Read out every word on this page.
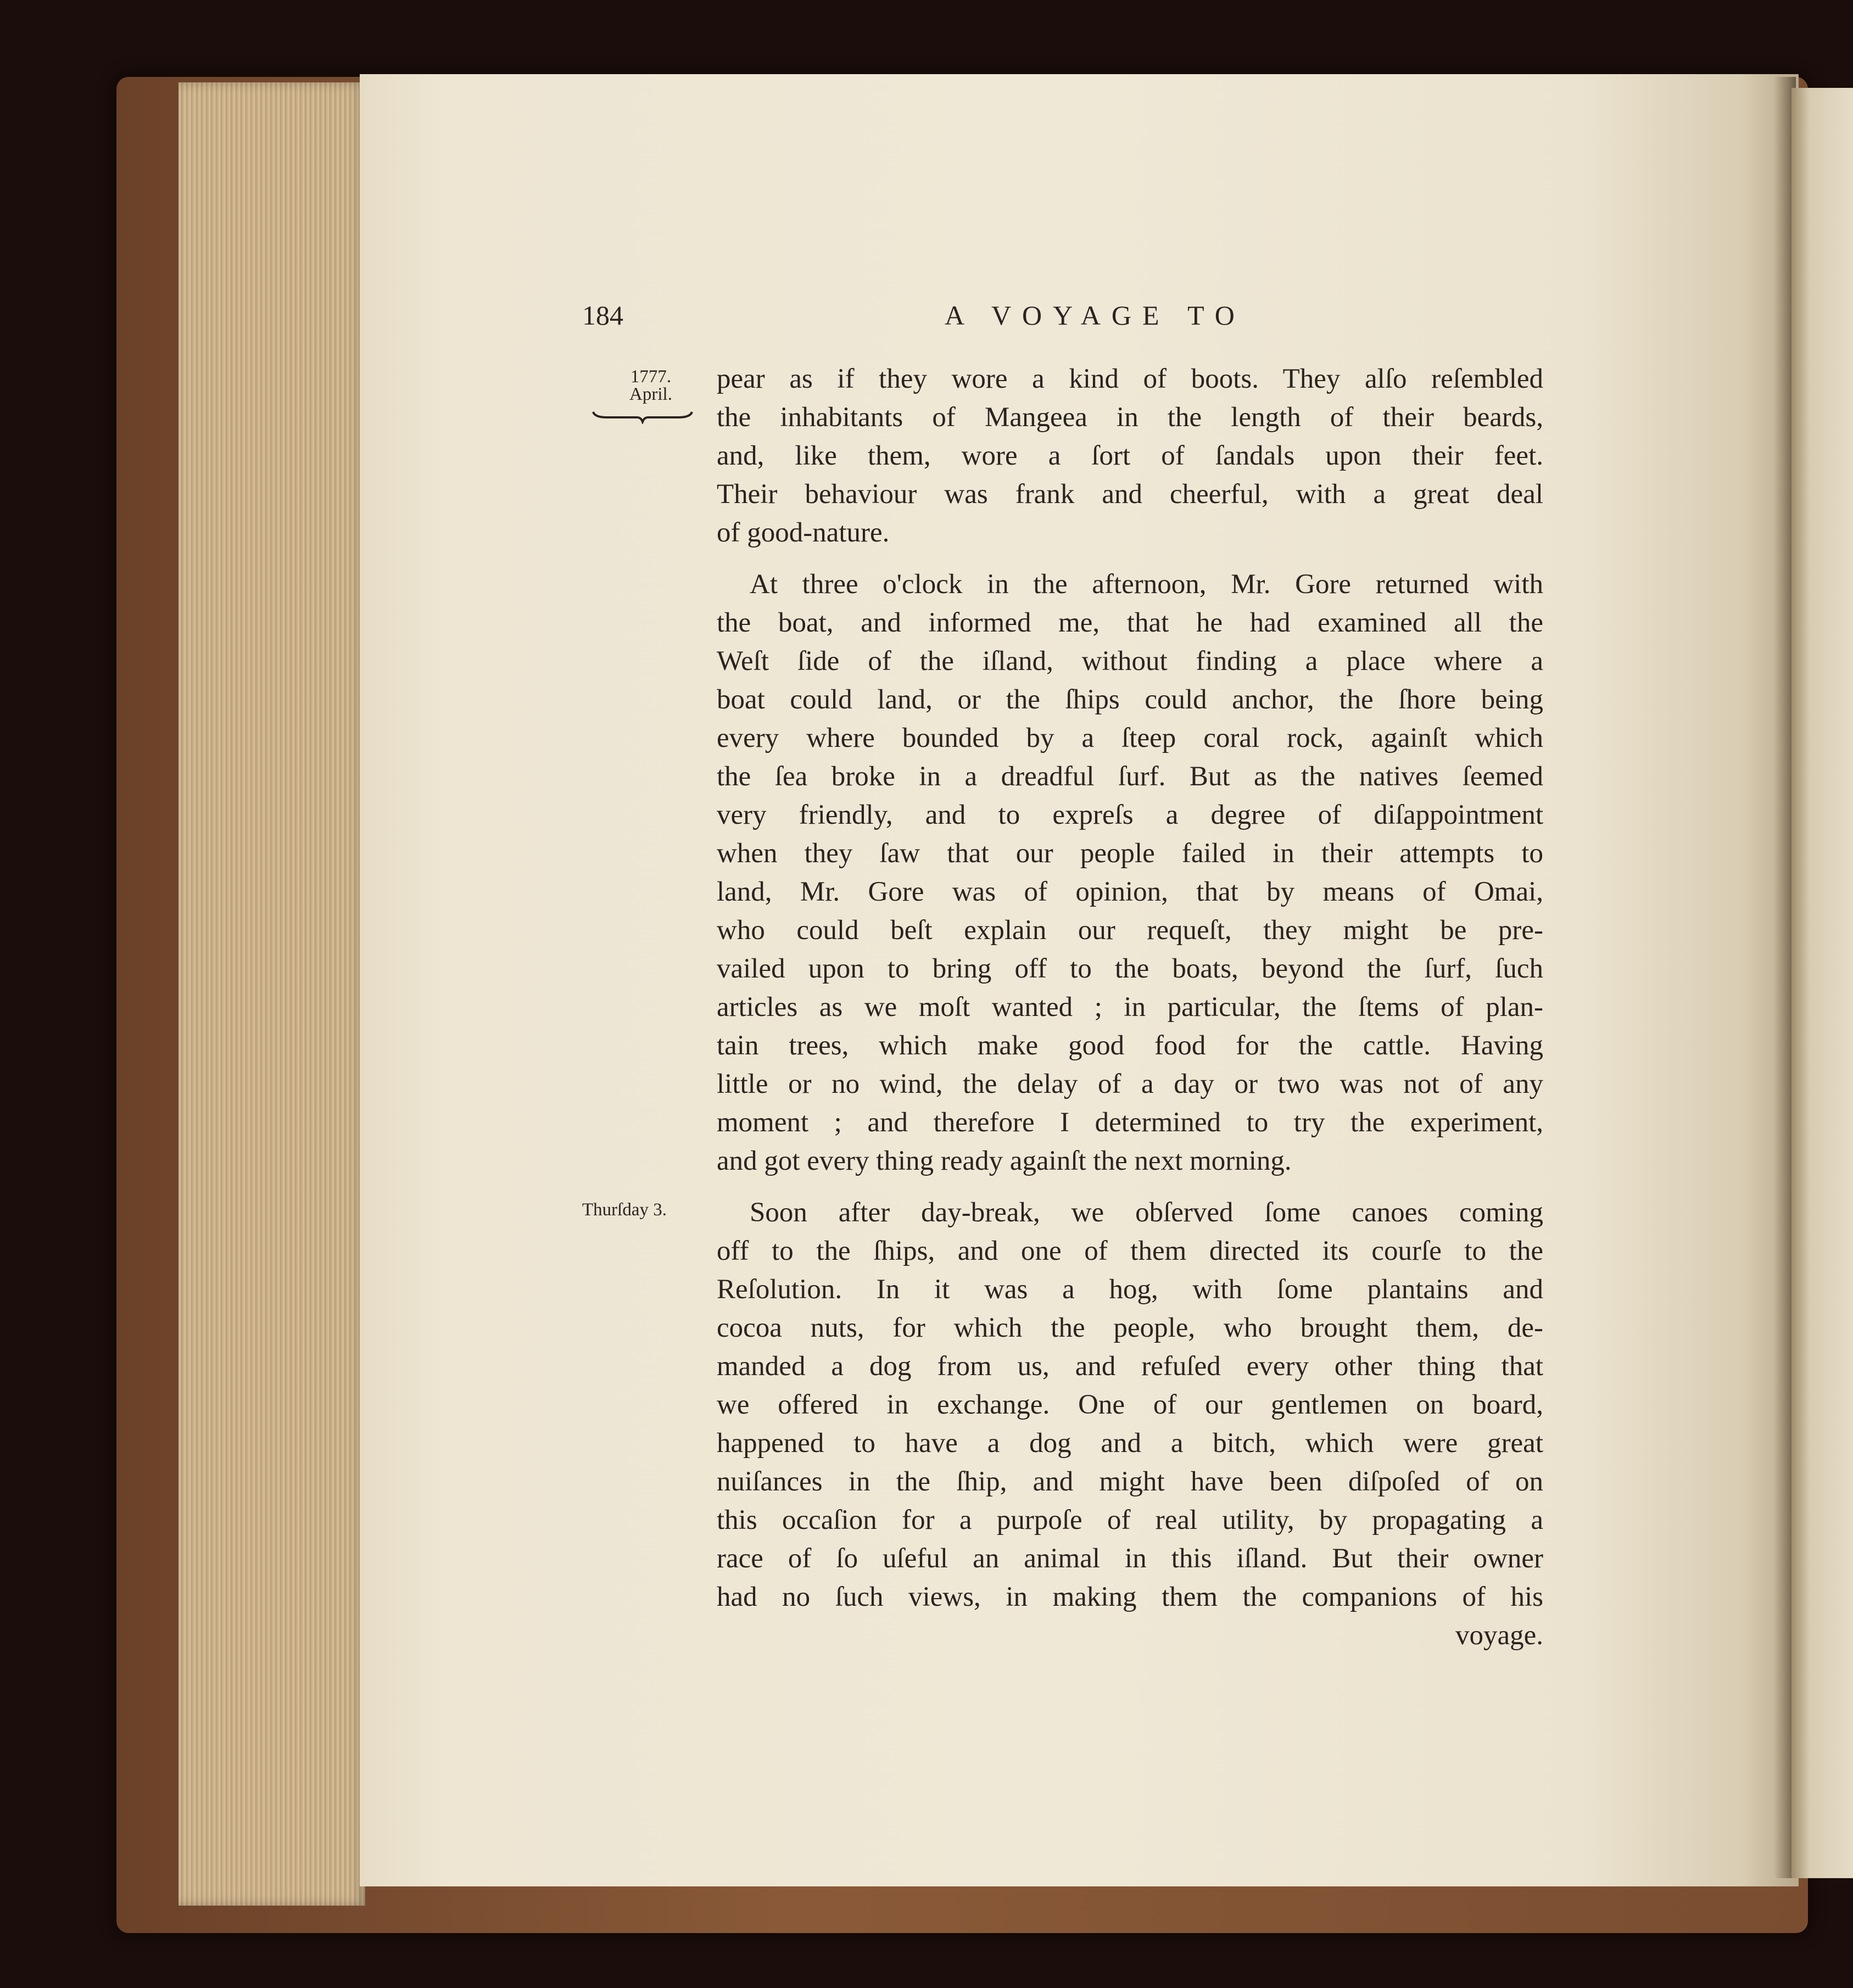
184	A VOYAGE TO
1777.
April.
Thurſday 3.
pear as if they wore a kind of boots. They alſo reſembled
the inhabitants of Mangeea in the length of their beards,
and, like them, wore a ſort of ſandals upon their feet.
Their behaviour was frank and cheerful, with a great deal
of good-nature.
At three o'clock in the afternoon, Mr. Gore returned with
the boat, and informed me, that he had examined all the
Weſt ſide of the iſland, without finding a place where a
boat could land, or the ſhips could anchor, the ſhore being
every where bounded by a ſteep coral rock, againſt which
the ſea broke in a dreadful ſurf. But as the natives ſeemed
very friendly, and to expreſs a degree of diſappointment
when they ſaw that our people failed in their attempts to
land, Mr. Gore was of opinion, that by means of Omai,
who could beſt explain our requeſt, they might be pre-
vailed upon to bring off to the boats, beyond the ſurf, ſuch
articles as we moſt wanted ; in particular, the ſtems of plan-
tain trees, which make good food for the cattle. Having
little or no wind, the delay of a day or two was not of any
moment ; and therefore I determined to try the experiment,
and got every thing ready againſt the next morning.
Soon after day-break, we obſerved ſome canoes coming
off to the ſhips, and one of them directed its courſe to the
Reſolution. In it was a hog, with ſome plantains and
cocoa nuts, for which the people, who brought them, de-
manded a dog from us, and refuſed every other thing that
we offered in exchange. One of our gentlemen on board,
happened to have a dog and a bitch, which were great
nuiſances in the ſhip, and might have been diſpoſed of on
this occaſion for a purpoſe of real utility, by propagating a
race of ſo uſeful an animal in this iſland. But their owner
had no ſuch views, in making them the companions of his
voyage.
